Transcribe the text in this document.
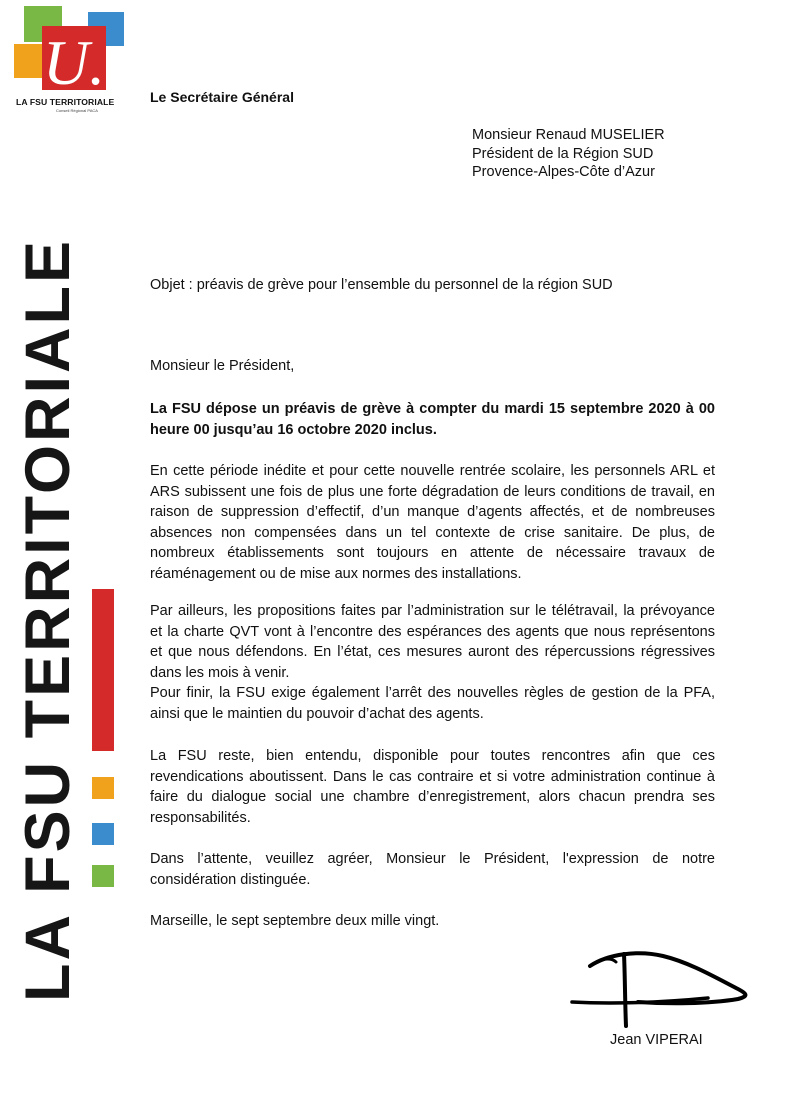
U.
LA FSU TERRITORIALE
Conseil Régional PACA
LA FSU TERRITORIALE
Le Secrétaire Général
Monsieur Renaud MUSELIER
Président de la Région SUD
Provence-Alpes-Côte d’Azur
Objet : préavis de grève pour l’ensemble du personnel de la région SUD
Monsieur le Président,
La FSU dépose un préavis de grève à compter du mardi 15 septembre 2020 à 00 heure 00 jusqu’au 16 octobre 2020 inclus.
En cette période inédite et pour cette nouvelle rentrée scolaire, les personnels ARL et ARS subissent une fois de plus une forte dégradation de leurs conditions de travail, en raison de suppression d’effectif, d’un manque d’agents affectés, et de nombreuses absences non compensées dans un tel contexte de crise sanitaire. De plus, de nombreux établissements sont toujours en attente de nécessaire travaux de réaménagement ou de mise aux normes des installations.
Par ailleurs, les propositions faites par l’administration sur le télétravail, la prévoyance et la charte QVT vont à l’encontre des espérances des agents que nous représentons et que nous défendons. En l’état, ces mesures auront des répercussions régressives dans les mois à venir.
Pour finir, la FSU exige également l’arrêt des nouvelles règles de gestion de la PFA, ainsi que le maintien du pouvoir d’achat des agents.
La FSU reste, bien entendu, disponible pour toutes rencontres afin que ces revendications aboutissent. Dans le cas contraire et si votre administration continue à faire du dialogue social une chambre d’enregistrement, alors chacun prendra ses responsabilités.
Dans l’attente, veuillez agréer, Monsieur le Président, l'expression de notre considération distinguée.
Marseille, le sept septembre deux mille vingt.
Jean VIPERAI
